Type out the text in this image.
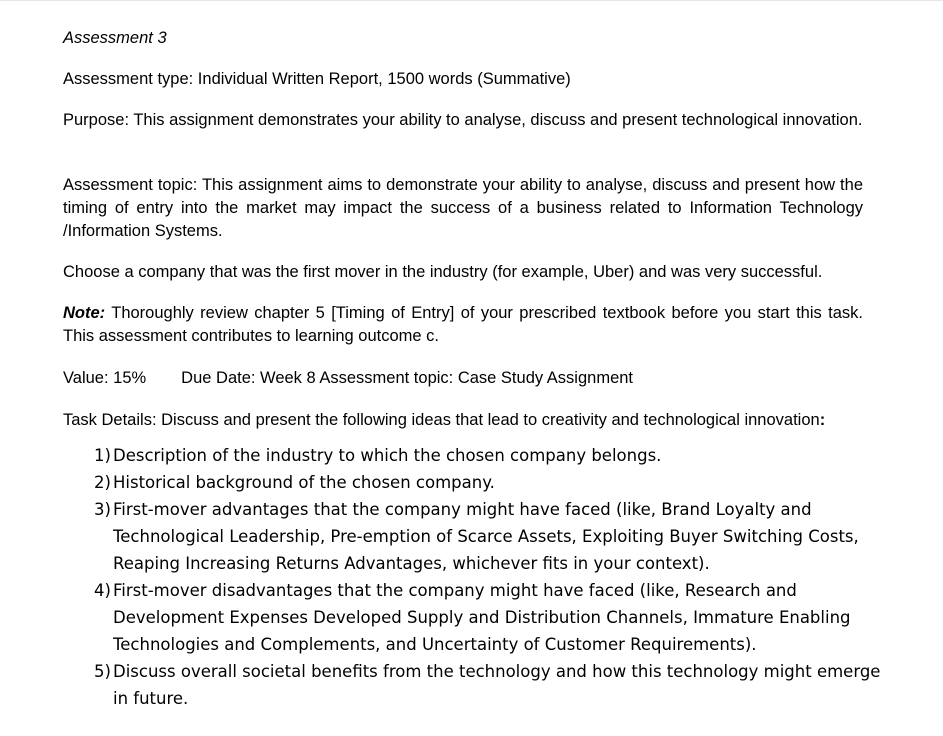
Assessment 3

Assessment type: Individual Written Report, 1500 words (Summative)

Purpose: This assignment demonstrates your ability to analyse, discuss and present technological innovation.

Assessment topic: This assignment aims to demonstrate your ability to analyse, discuss and present how the timing of entry into the market may impact the success of a business related to Information Technology /Information Systems.

Choose a company that was the first mover in the industry (for example, Uber) and was very successful.

Note: Thoroughly review chapter 5 [Timing of Entry] of your prescribed textbook before you start this task. This assessment contributes to learning outcome c.

Value: 15% Due Date: Week 8 Assessment topic: Case Study Assignment

Task Details: Discuss and present the following ideas that lead to creativity and technological innovation:

1) Description of the industry to which the chosen company belongs.
2) Historical background of the chosen company.
3) First-mover advantages that the company might have faced (like, Brand Loyalty and Technological Leadership, Pre-emption of Scarce Assets, Exploiting Buyer Switching Costs, Reaping Increasing Returns Advantages, whichever fits in your context).
4) First-mover disadvantages that the company might have faced (like, Research and Development Expenses Developed Supply and Distribution Channels, Immature Enabling Technologies and Complements, and Uncertainty of Customer Requirements).
5) Discuss overall societal benefits from the technology and how this technology might emerge in future.
